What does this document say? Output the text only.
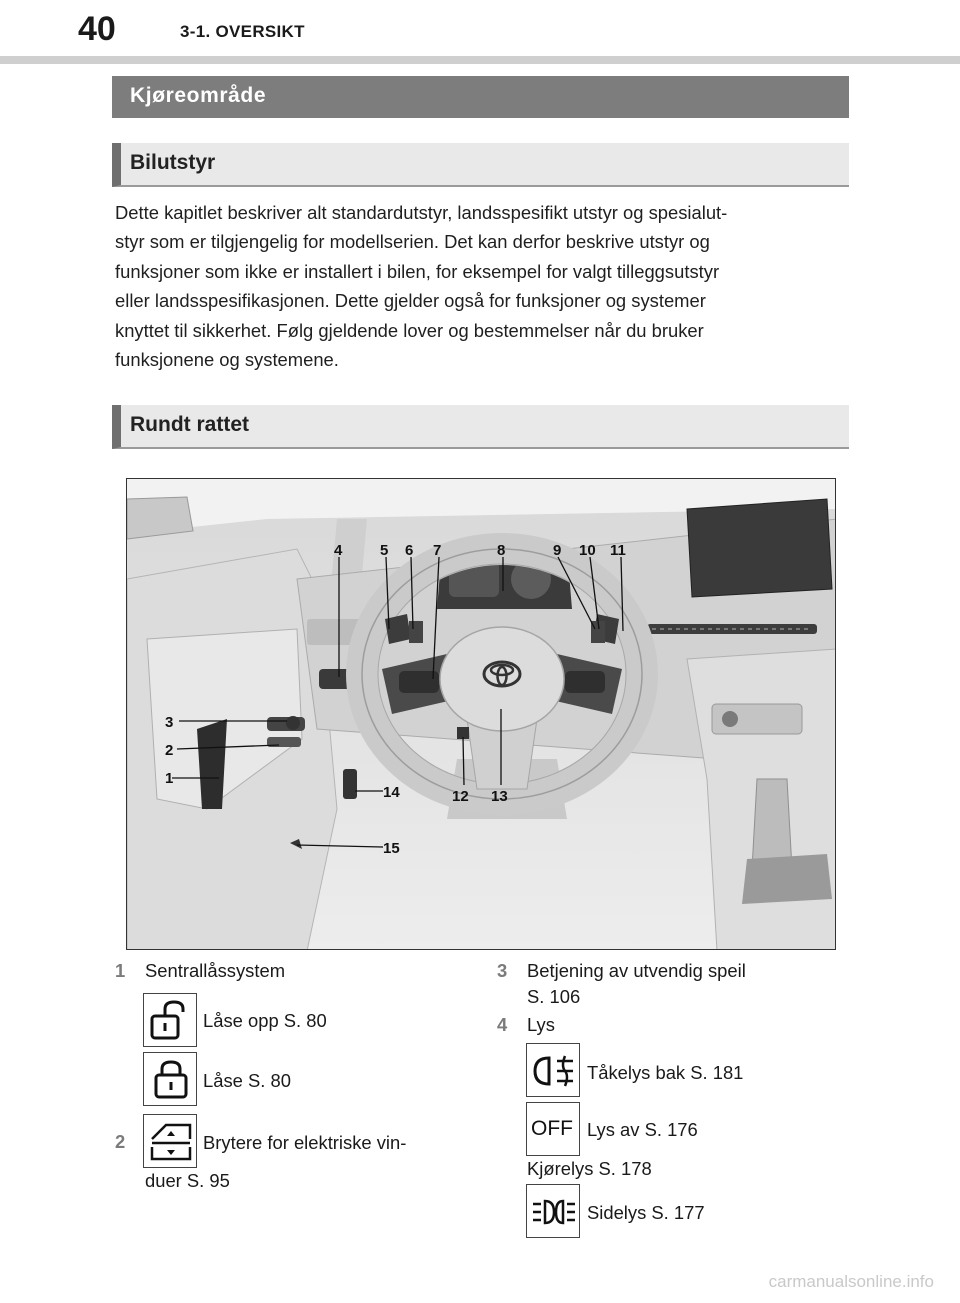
40	3-1. OVERSIKT
Kjøreområde
Bilutstyr
Dette kapitlet beskriver alt standardutstyr, landsspesifikt utstyr og spesialut-
styr som er tilgjengelig for modellserien. Det kan derfor beskrive utstyr og
funksjoner som ikke er installert i bilen, for eksempel for valgt tilleggsutstyr
eller landsspesifikasjonen. Dette gjelder også for funksjoner og systemer
knyttet til sikkerhet. Følg gjeldende lover og bestemmelser når du bruker
funksjonene og systemene.
Rundt rattet
1
2
3
4	5 6 7	8	9 10 11
12 13
14
15
1 Sentrallåssystem
Låse opp S. 80
Låse S. 80
2	Brytere for elektriske vin-
duer S. 95
3 Betjening av utvendig speil
S. 106
4 Lys
Tåkelys bak S. 181
OFF Lys av S. 176
Kjørelys S. 178
Sidelys S. 177
carmanualsonline.info
